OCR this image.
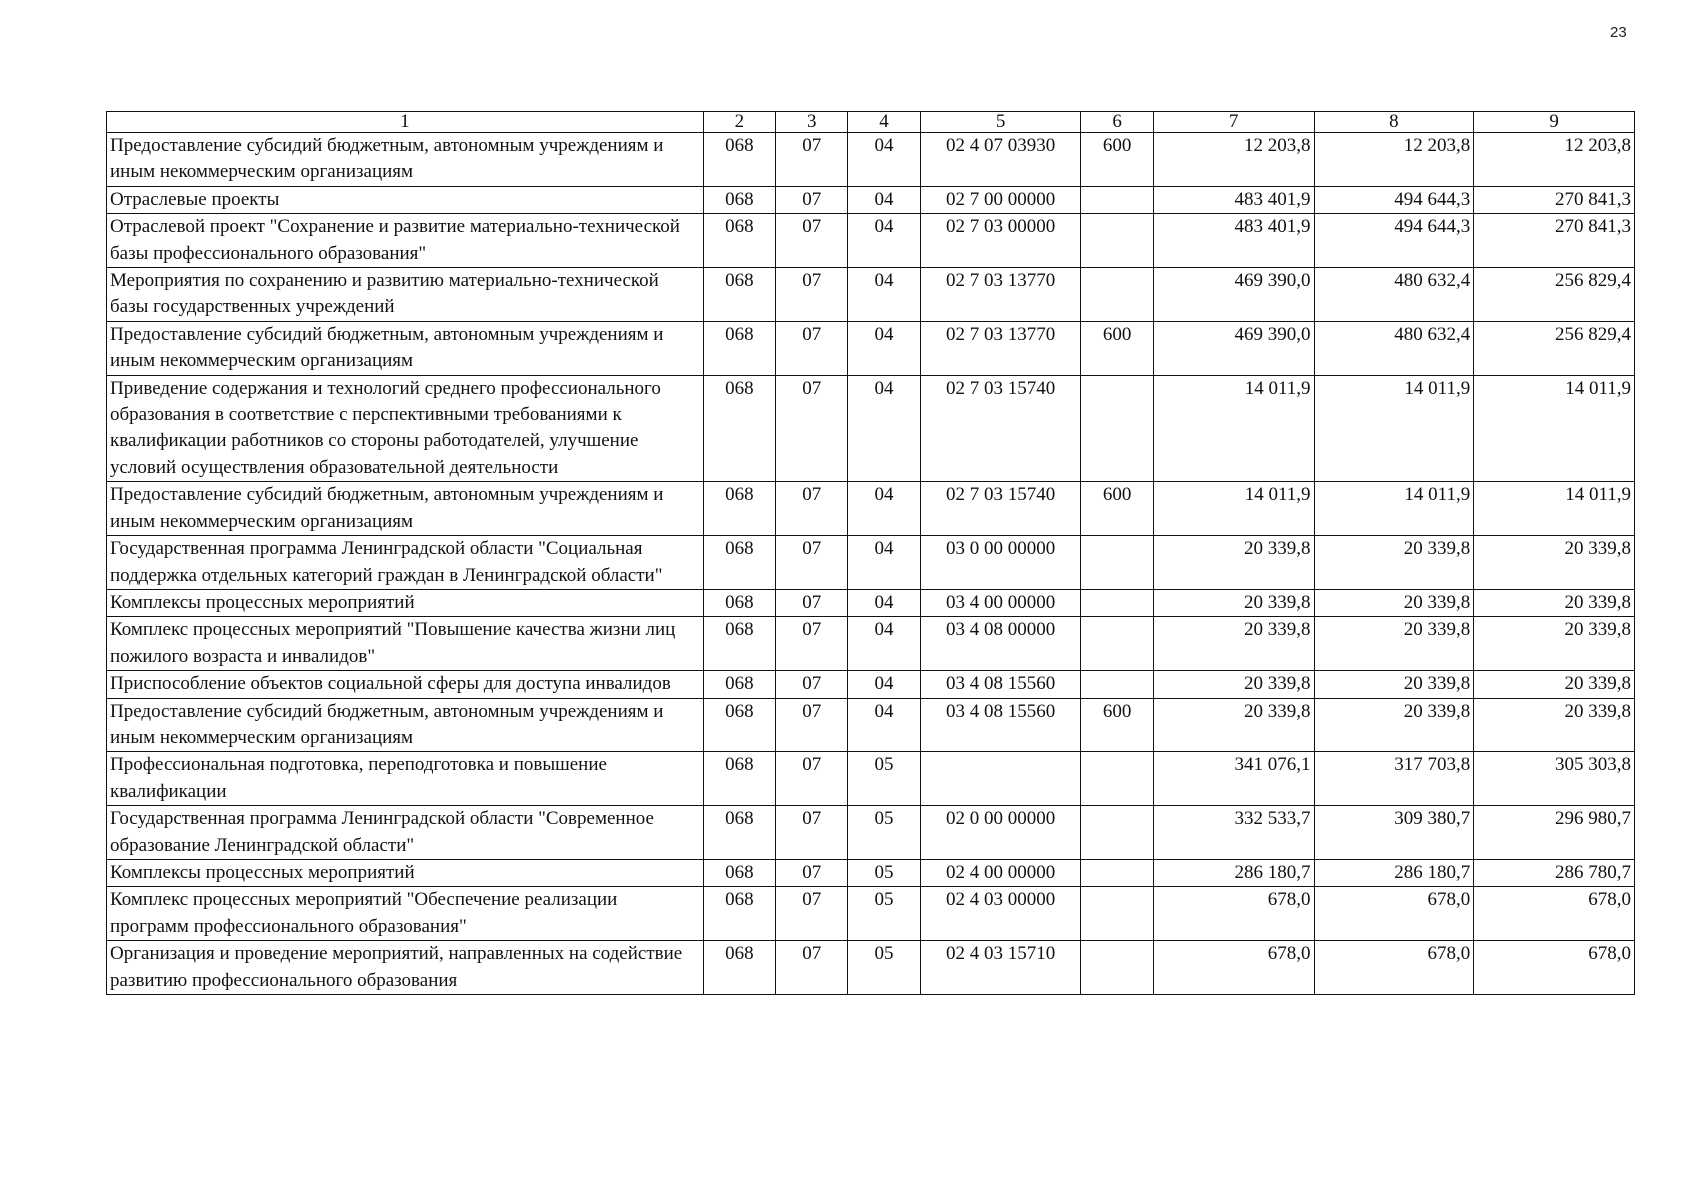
23
1	2	3	4	5	6	7	8	9
Предоставление субсидий бюджетным, автономным учреждениям и иным некоммерческим организациям	068	07	04	02 4 07 03930	600	12 203,8	12 203,8	12 203,8
Отраслевые проекты	068	07	04	02 7 00 00000		483 401,9	494 644,3	270 841,3
Отраслевой проект "Сохранение и развитие материально-технической базы профессионального образования"	068	07	04	02 7 03 00000		483 401,9	494 644,3	270 841,3
Мероприятия по сохранению и развитию материально-технической базы государственных учреждений	068	07	04	02 7 03 13770		469 390,0	480 632,4	256 829,4
Предоставление субсидий бюджетным, автономным учреждениям и иным некоммерческим организациям	068	07	04	02 7 03 13770	600	469 390,0	480 632,4	256 829,4
Приведение содержания и технологий среднего профессионального образования в соответствие с перспективными требованиями к квалификации работников со стороны работодателей, улучшение условий осуществления образовательной деятельности	068	07	04	02 7 03 15740		14 011,9	14 011,9	14 011,9
Предоставление субсидий бюджетным, автономным учреждениям и иным некоммерческим организациям	068	07	04	02 7 03 15740	600	14 011,9	14 011,9	14 011,9
Государственная программа Ленинградской области "Социальная поддержка отдельных категорий граждан в Ленинградской области"	068	07	04	03 0 00 00000		20 339,8	20 339,8	20 339,8
Комплексы процессных мероприятий	068	07	04	03 4 00 00000		20 339,8	20 339,8	20 339,8
Комплекс процессных мероприятий "Повышение качества жизни лиц пожилого возраста и инвалидов"	068	07	04	03 4 08 00000		20 339,8	20 339,8	20 339,8
Приспособление объектов социальной сферы для доступа инвалидов	068	07	04	03 4 08 15560		20 339,8	20 339,8	20 339,8
Предоставление субсидий бюджетным, автономным учреждениям и иным некоммерческим организациям	068	07	04	03 4 08 15560	600	20 339,8	20 339,8	20 339,8
Профессиональная подготовка, переподготовка и повышение квалификации	068	07	05			341 076,1	317 703,8	305 303,8
Государственная программа Ленинградской области "Современное образование Ленинградской области"	068	07	05	02 0 00 00000		332 533,7	309 380,7	296 980,7
Комплексы процессных мероприятий	068	07	05	02 4 00 00000		286 180,7	286 180,7	286 780,7
Комплекс процессных мероприятий "Обеспечение реализации программ профессионального образования"	068	07	05	02 4 03 00000		678,0	678,0	678,0
Организация и проведение мероприятий, направленных на содействие развитию профессионального образования	068	07	05	02 4 03 15710		678,0	678,0	678,0
